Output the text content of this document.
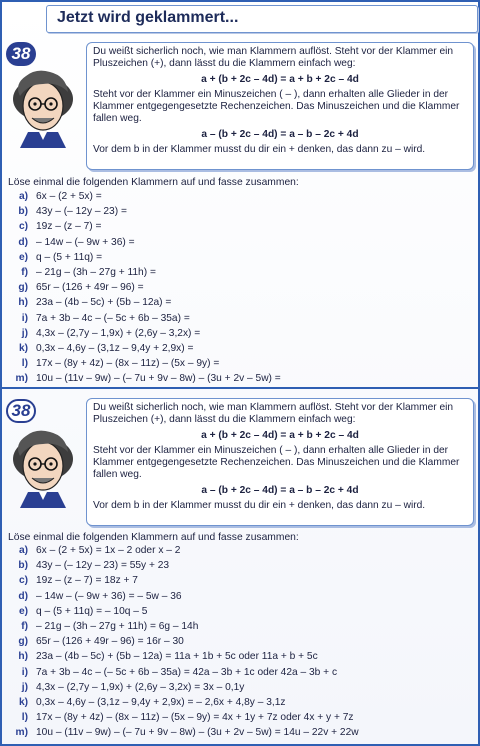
Jetzt wird geklammert...
38	Du weißt sicherlich noch, wie man Klammern auflöst. Steht vor der Klammer ein Pluszeichen (+), dann lässt du die Klammern einfach weg:

a + (b + 2c – 4d) = a + b + 2c – 4d

Steht vor der Klammer ein Minuszeichen ( – ), dann erhalten alle Glieder in der Klammer entgegengesetzte Rechenzeichen. Das Minuszeichen und die Klammer fallen weg.

a – (b + 2c – 4d) = a – b – 2c + 4d

Vor dem b in der Klammer musst du dir ein + denken, das dann zu – wird.

Löse einmal die folgenden Klammern auf und fasse zusammen:
a) 6x – (2 + 5x) =
b) 43y – (– 12y – 23) =
c) 19z – (z – 7) =
d) – 14w – (– 9w + 36) =
e) q – (5 + 11q) =
f) – 21g – (3h – 27g + 11h) =
g) 65r – (126 + 49r – 96) =
h) 23a – (4b – 5c) + (5b – 12a) =
i) 7a + 3b – 4c – (– 5c + 6b – 35a) =
j) 4,3x – (2,7y – 1,9x) + (2,6y – 3,2x) =
k) 0,3x – 4,6y – (3,1z – 9,4y + 2,9x) =
l) 17x – (8y + 4z) – (8x – 11z) – (5x – 9y) =
m) 10u – (11v – 9w) – (– 7u + 9v – 8w) – (3u + 2v – 5w) =
38	Du weißt sicherlich noch, wie man Klammern auflöst. Steht vor der Klammer ein Pluszeichen (+), dann lässt du die Klammern einfach weg:

a + (b + 2c – 4d) = a + b + 2c – 4d

Steht vor der Klammer ein Minuszeichen ( – ), dann erhalten alle Glieder in der Klammer entgegengesetzte Rechenzeichen. Das Minuszeichen und die Klammer fallen weg.

a – (b + 2c – 4d) = a – b – 2c + 4d

Vor dem b in der Klammer musst du dir ein + denken, das dann zu – wird.

Löse einmal die folgenden Klammern auf und fasse zusammen:
a) 6x – (2 + 5x) = 1x – 2 oder x – 2
b) 43y – (– 12y – 23) = 55y + 23
c) 19z – (z – 7) = 18z + 7
d) – 14w – (– 9w + 36) = – 5w – 36
e) q – (5 + 11q) = – 10q – 5
f) – 21g – (3h – 27g + 11h) = 6g – 14h
g) 65r – (126 + 49r – 96) = 16r – 30
h) 23a – (4b – 5c) + (5b – 12a) = 11a + 1b + 5c oder 11a + b + 5c
i) 7a + 3b – 4c – (– 5c + 6b – 35a) = 42a – 3b + 1c oder 42a – 3b + c
j) 4,3x – (2,7y – 1,9x) + (2,6y – 3,2x) = 3x – 0,1y
k) 0,3x – 4,6y – (3,1z – 9,4y + 2,9x) = – 2,6x + 4,8y – 3,1z
l) 17x – (8y + 4z) – (8x – 11z) – (5x – 9y) = 4x + 1y + 7z oder 4x + y + 7z
m) 10u – (11v – 9w) – (– 7u + 9v – 8w) – (3u + 2v – 5w) = 14u – 22v + 22w
